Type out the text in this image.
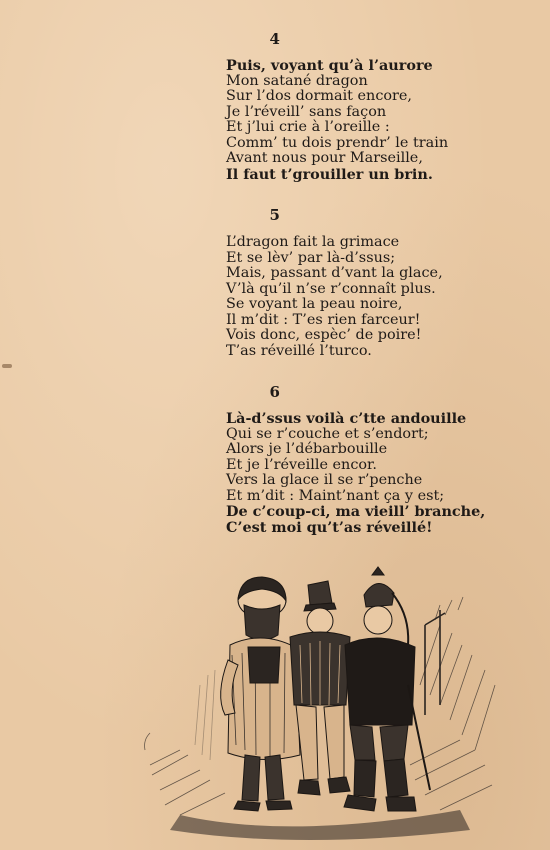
4
Puis, voyant qu’à l’aurore
Mon satané dragon
Sur l’dos dormait encore,
Je l’réveill’ sans façon
Et j’lui crie à l’oreille :
Comm’ tu dois prendr’ le train
Avant nous pour Marseille,
Il faut t’grouiller un brin.
5
L’dragon fait la grimace
Et se lèv’ par là-d’ssus;
Mais, passant d’vant la glace,
V’là qu’il n’se r’connaît plus.
Se voyant la peau noire,
Il m’dit : T’es rien farceur!
Vois donc, espèc’ de poire!
T’as réveillé l’turco.
6
Là-d’ssus voilà c’tte andouille
Qui se r’couche et s’endort;
Alors je l’débarbouille
Et je l’réveille encor.
Vers la glace il se r’penche
Et m’dit : Maint’nant ça y est;
De c’coup-ci, ma vieill’ branche,
C’est moi qu’t’as réveillé!
